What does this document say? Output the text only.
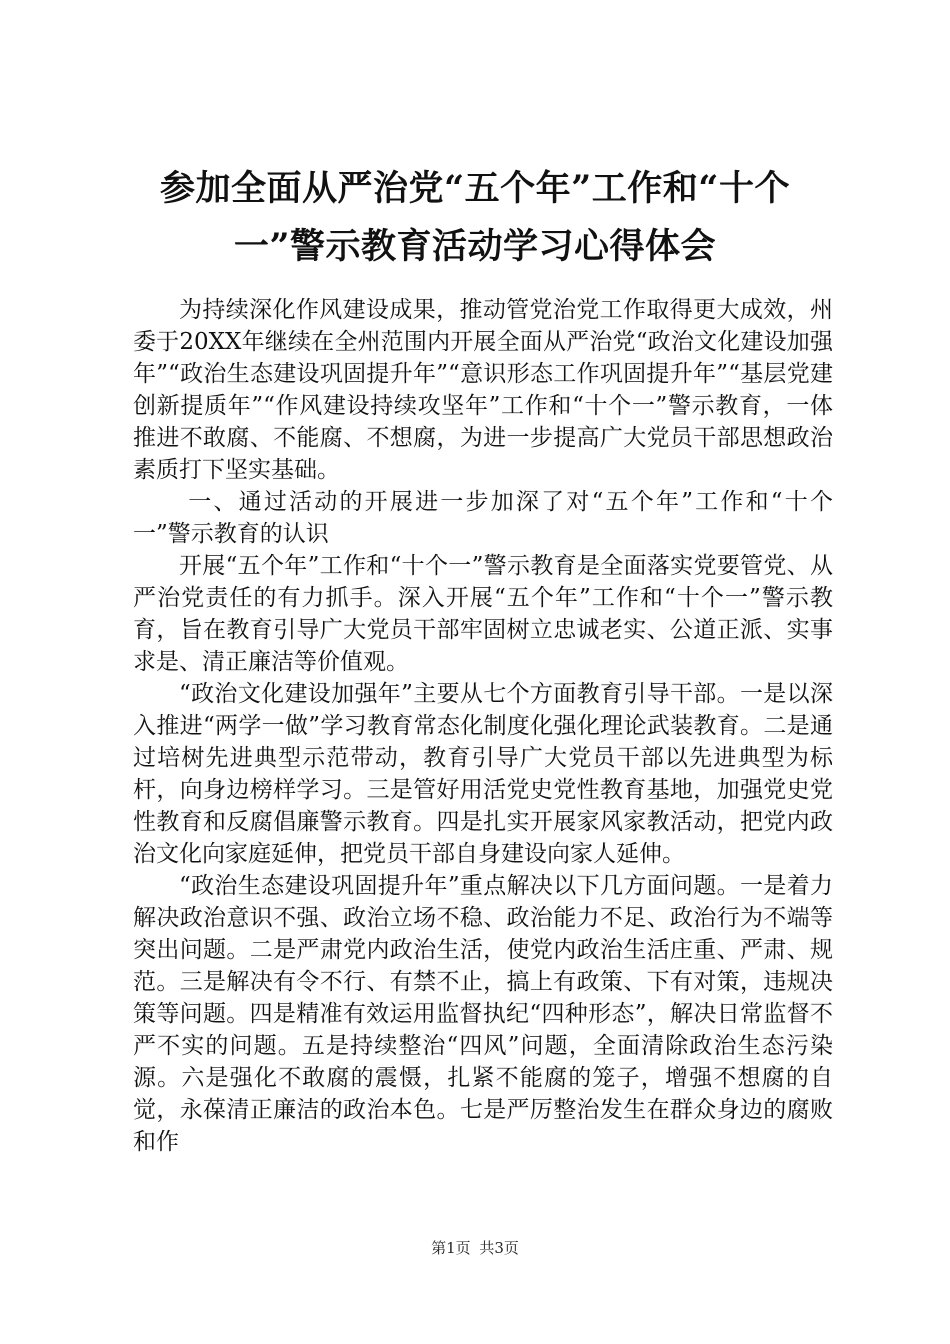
参加全面从严治党“五个年”工作和“十个
一”警示教育活动学习心得体会

为持续深化作风建设成果，推动管党治党工作取得更大成效，州委于20XX年继续在全州范围内开展全面从严治党“政治文化建设加强年”“政治生态建设巩固提升年”“意识形态工作巩固提升年”“基层党建创新提质年”“作风建设持续攻坚年”工作和“十个一”警示教育，一体推进不敢腐、不能腐、不想腐，为进一步提高广大党员干部思想政治素质打下坚实基础。

一、通过活动的开展进一步加深了对“五个年”工作和“十个一”警示教育的认识

开展“五个年”工作和“十个一”警示教育是全面落实党要管党、从严治党责任的有力抓手。深入开展“五个年”工作和“十个一”警示教育，旨在教育引导广大党员干部牢固树立忠诚老实、公道正派、实事求是、清正廉洁等价值观。

“政治文化建设加强年”主要从七个方面教育引导干部。一是以深入推进“两学一做”学习教育常态化制度化强化理论武装教育。二是通过培树先进典型示范带动，教育引导广大党员干部以先进典型为标杆，向身边榜样学习。三是管好用活党史党性教育基地，加强党史党性教育和反腐倡廉警示教育。四是扎实开展家风家教活动，把党内政治文化向家庭延伸，把党员干部自身建设向家人延伸。

“政治生态建设巩固提升年”重点解决以下几方面问题。一是着力解决政治意识不强、政治立场不稳、政治能力不足、政治行为不端等突出问题。二是严肃党内政治生活，使党内政治生活庄重、严肃、规范。三是解决有令不行、有禁不止，搞上有政策、下有对策，违规决策等问题。四是精准有效运用监督执纪“四种形态”，解决日常监督不严不实的问题。五是持续整治“四风”问题，全面清除政治生态污染源。六是强化不敢腐的震慑，扎紧不能腐的笼子，增强不想腐的自觉，永葆清正廉洁的政治本色。七是严厉整治发生在群众身边的腐败和作

第1页 共3页
